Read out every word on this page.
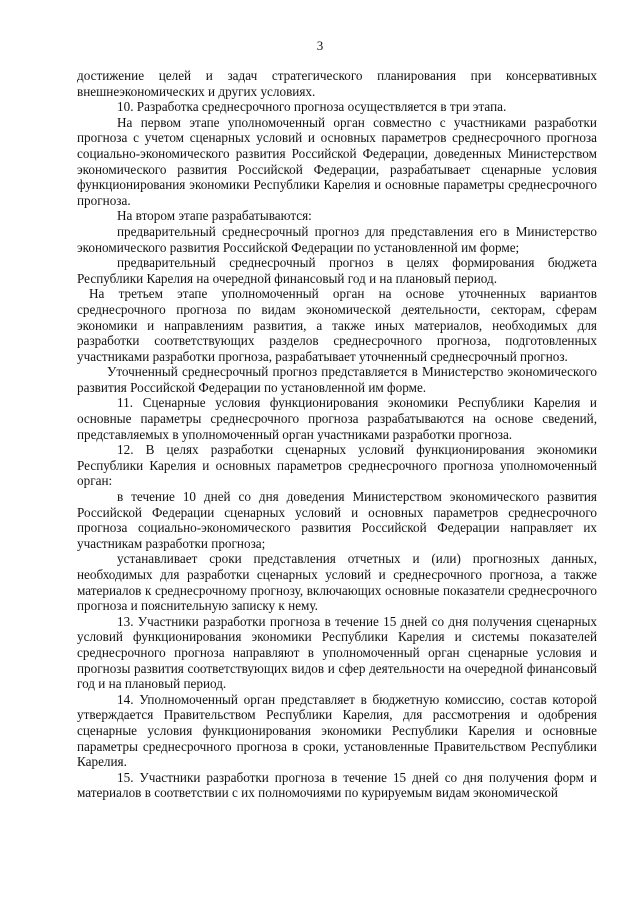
3

достижение целей и задач стратегического планирования при консервативных внешнеэкономических и других условиях.

10. Разработка среднесрочного прогноза осуществляется в три этапа.

На первом этапе уполномоченный орган совместно с участниками разработки прогноза с учетом сценарных условий и основных параметров среднесрочного прогноза социально-экономического развития Российской Федерации, доведенных Министерством экономического развития Российской Федерации, разрабатывает сценарные условия функционирования экономики Республики Карелия и основные параметры среднесрочного прогноза.

На втором этапе разрабатываются:

предварительный среднесрочный прогноз для представления его в Министерство экономического развития Российской Федерации по установленной им форме;

предварительный среднесрочный прогноз в целях формирования бюджета Республики Карелия на очередной финансовый год и на плановый период.

На третьем этапе уполномоченный орган на основе уточненных вариантов среднесрочного прогноза по видам экономической деятельности, секторам, сферам экономики и направлениям развития, а также иных материалов, необходимых для разработки соответствующих разделов среднесрочного прогноза, подготовленных участниками разработки прогноза, разрабатывает уточненный среднесрочный прогноз.

Уточненный среднесрочный прогноз представляется в Министерство экономического развития Российской Федерации по установленной им форме.

11. Сценарные условия функционирования экономики Республики Карелия и основные параметры среднесрочного прогноза разрабатываются на основе сведений, представляемых в уполномоченный орган участниками разработки прогноза.

12. В целях разработки сценарных условий функционирования экономики Республики Карелия и основных параметров среднесрочного прогноза уполномоченный орган:

в течение 10 дней со дня доведения Министерством экономического развития Российской Федерации сценарных условий и основных параметров среднесрочного прогноза социально-экономического развития Российской Федерации направляет их участникам разработки прогноза;

устанавливает сроки представления отчетных и (или) прогнозных данных, необходимых для разработки сценарных условий и среднесрочного прогноза, а также материалов к среднесрочному прогнозу, включающих основные показатели среднесрочного прогноза и пояснительную записку к нему.

13. Участники разработки прогноза в течение 15 дней со дня получения сценарных условий функционирования экономики Республики Карелия и системы показателей среднесрочного прогноза направляют в уполномоченный орган сценарные условия и прогнозы развития соответствующих видов и сфер деятельности на очередной финансовый год и на плановый период.

14. Уполномоченный орган представляет в бюджетную комиссию, состав которой утверждается Правительством Республики Карелия, для рассмотрения и одобрения сценарные условия функционирования экономики Республики Карелия и основные параметры среднесрочного прогноза в сроки, установленные Правительством Республики Карелия.

15. Участники разработки прогноза в течение 15 дней со дня получения форм и материалов в соответствии с их полномочиями по курируемым видам экономической
